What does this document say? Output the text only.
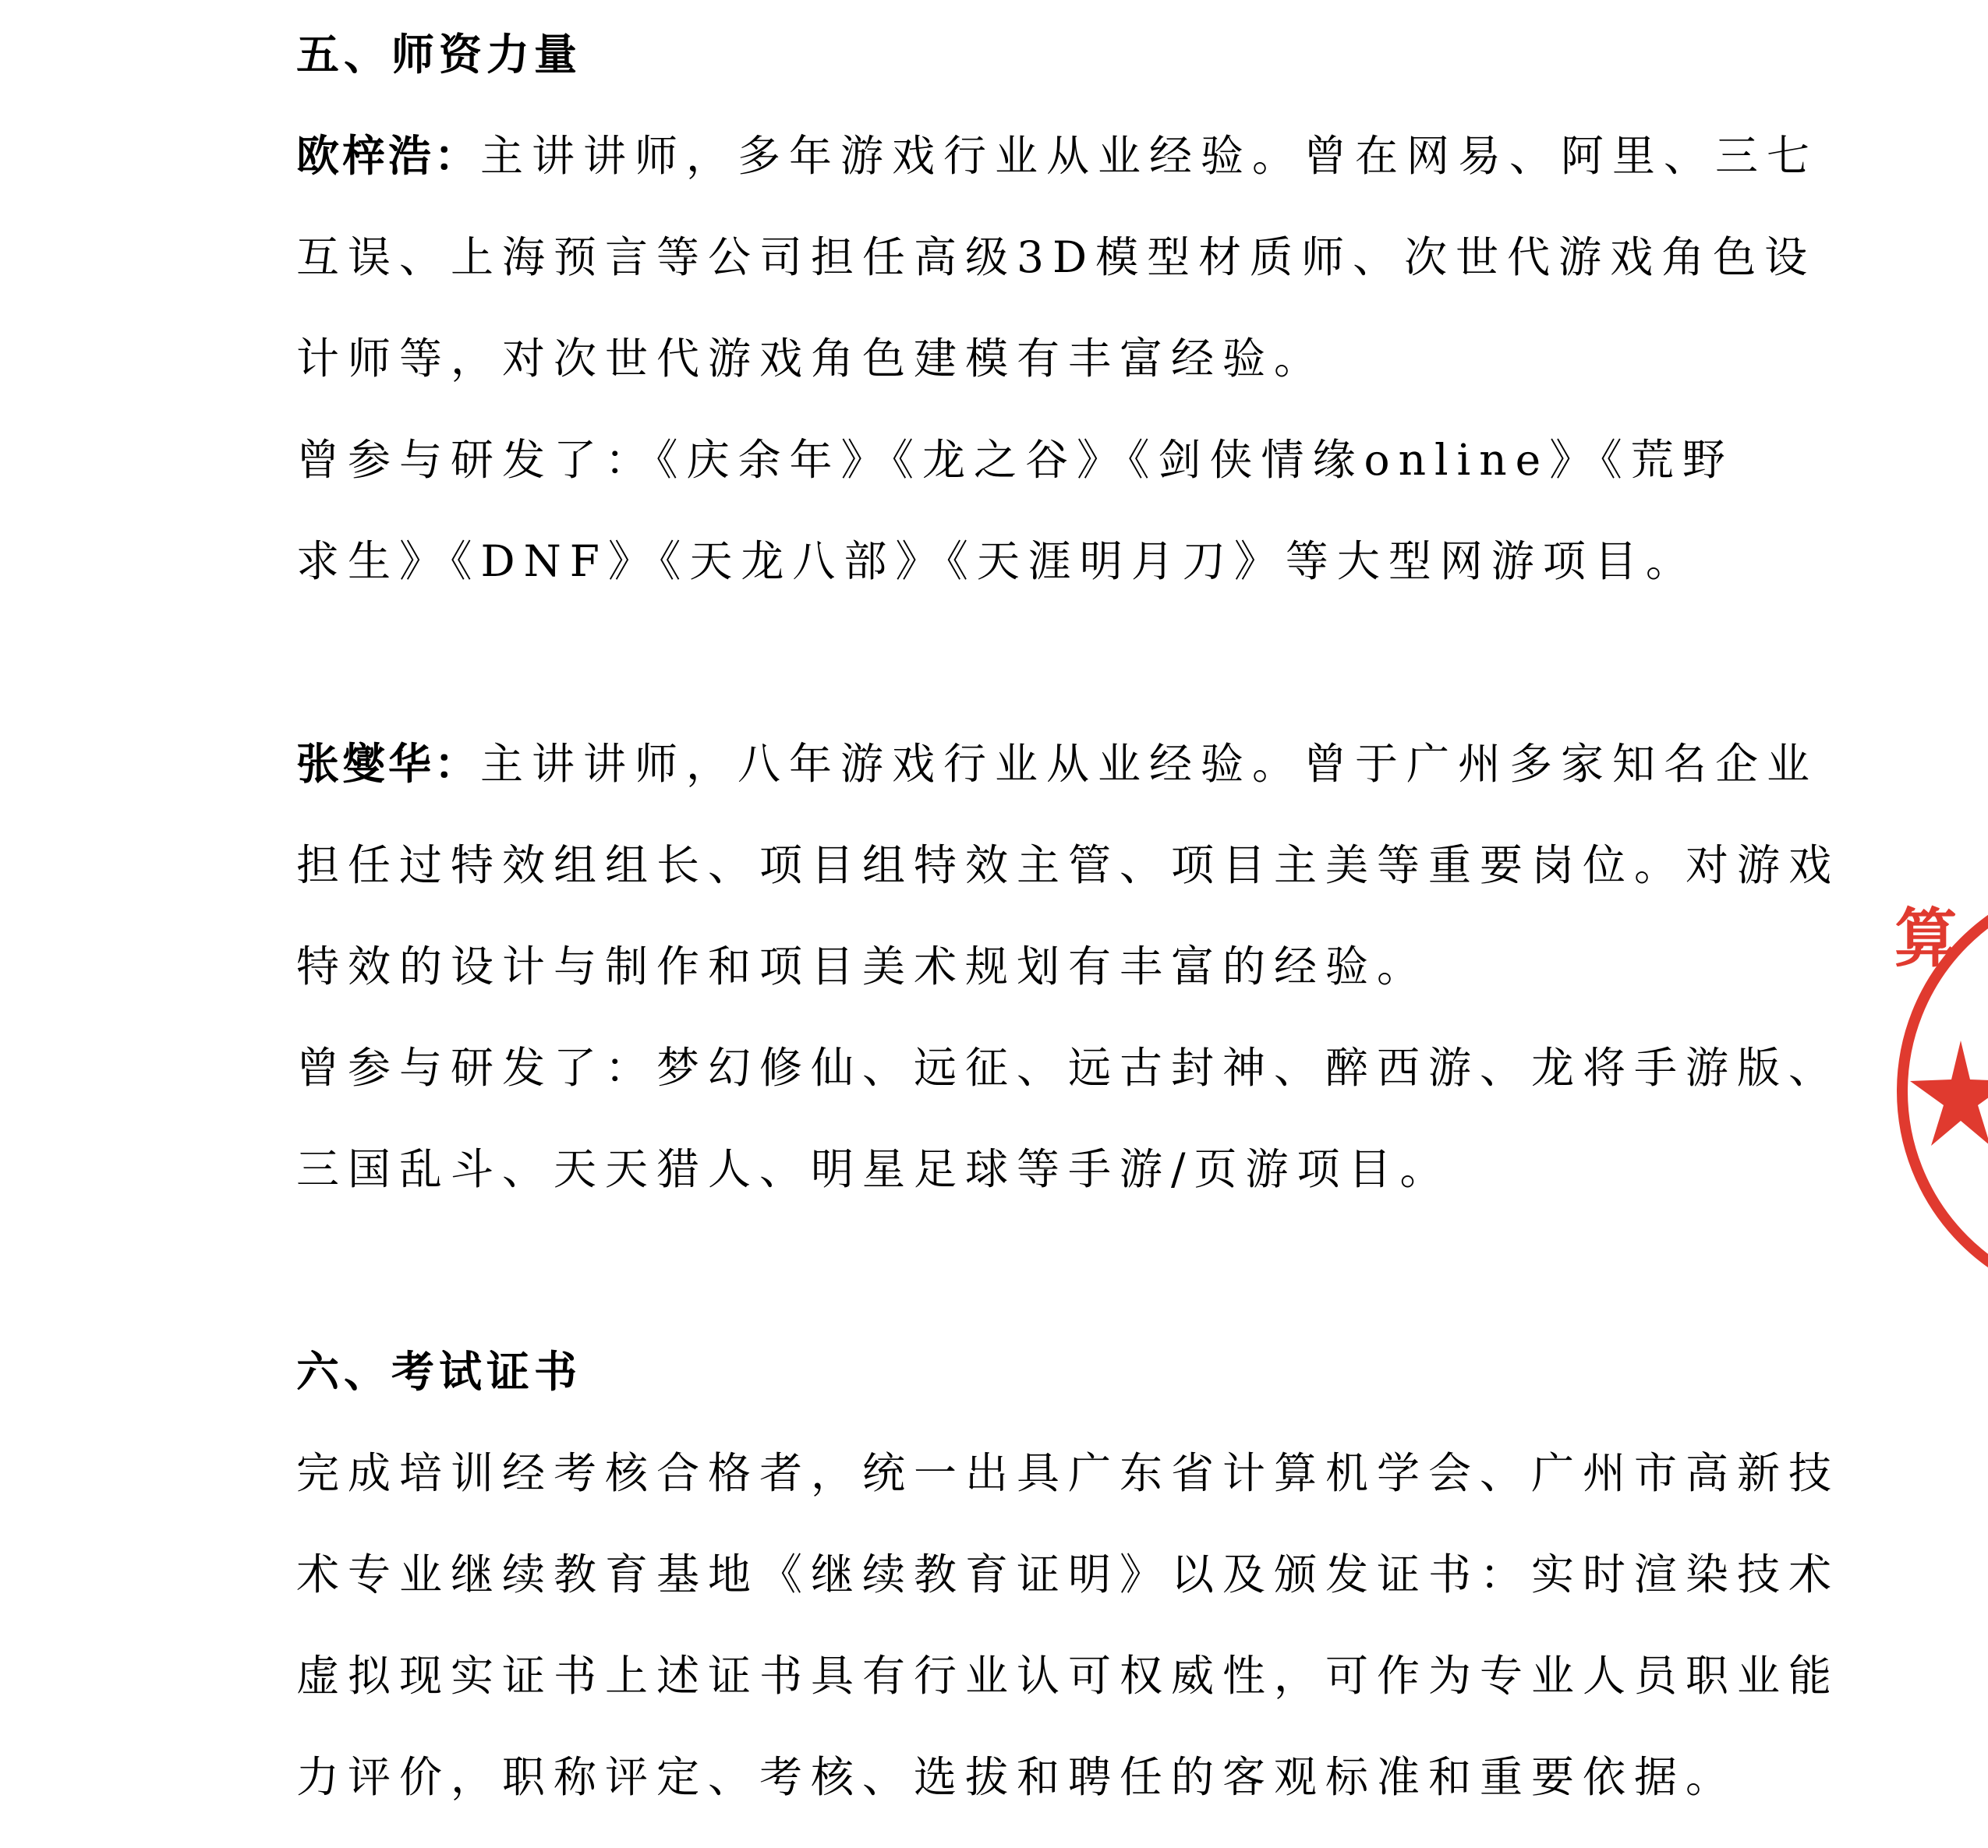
五、师资力量
欧梓浩：主讲讲师，多年游戏行业从业经验。曾在网易、阿里、三七
互误、上海预言等公司担任高级3D模型材质师、次世代游戏角色设
计师等，对次世代游戏角色建模有丰富经验。
曾参与研发了：《庆余年》《龙之谷》《剑侠情缘online》《荒野
求生》《DNF》《天龙八部》《天涯明月刀》等大型网游项目。
张燮华：主讲讲师，八年游戏行业从业经验。曾于广州多家知名企业
担任过特效组组长、项目组特效主管、项目主美等重要岗位。对游戏
特效的设计与制作和项目美术规划有丰富的经验。
曾参与研发了：梦幻修仙、远征、远古封神、醉西游、龙将手游版、
三国乱斗、天天猎人、明星足球等手游/页游项目。
六、考试证书
完成培训经考核合格者，统一出具广东省计算机学会、广州市高新技
术专业继续教育基地《继续教育证明》以及颁发证书：实时渲染技术
虚拟现实证书上述证书具有行业认可权威性，可作为专业人员职业能
力评价，职称评定、考核、选拔和聘任的客观标准和重要依据。
算
